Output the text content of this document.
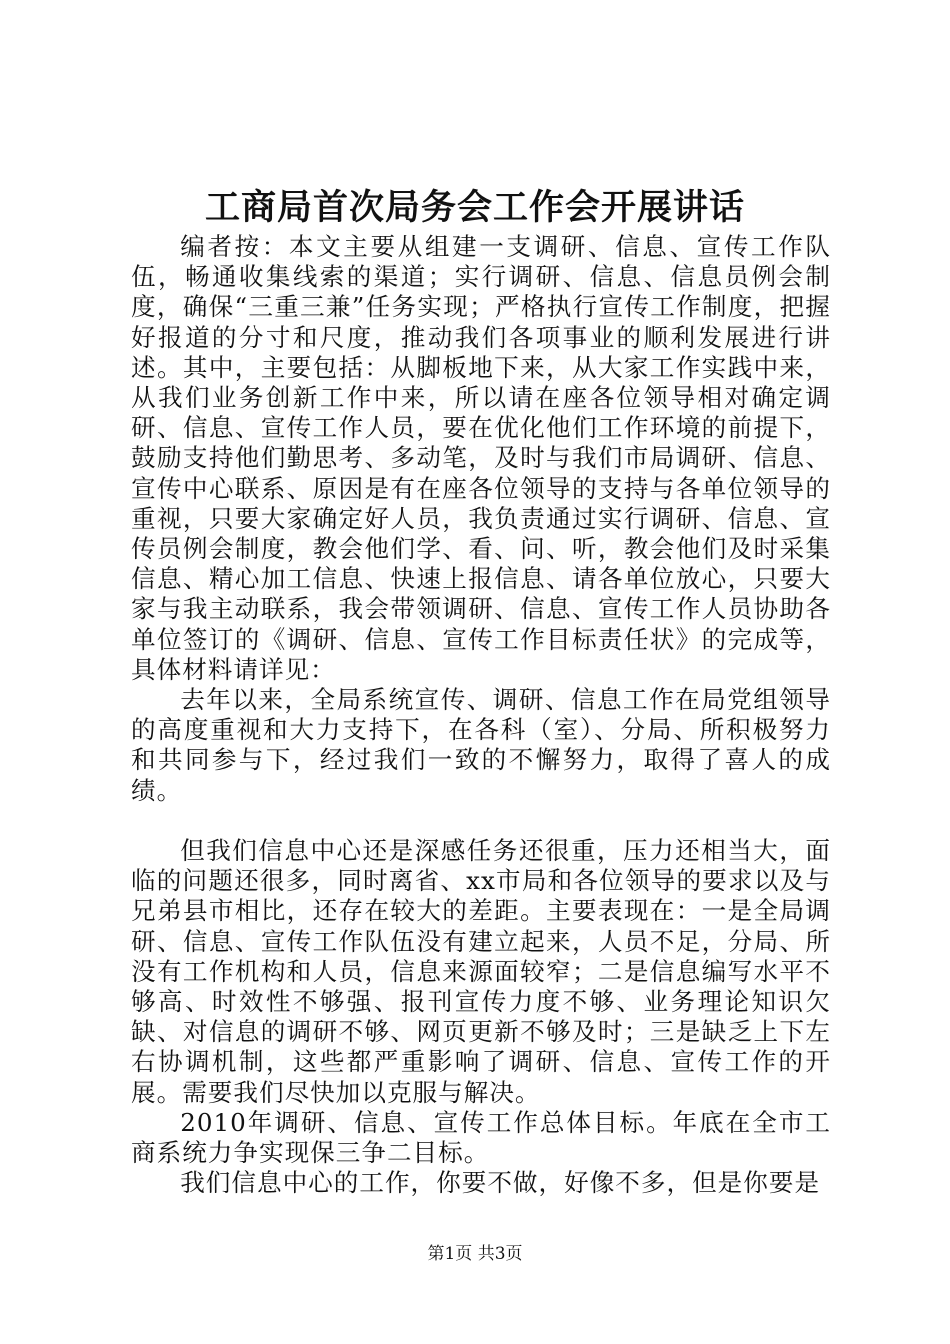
工商局首次局务会工作会开展讲话

编者按：本文主要从组建一支调研、信息、宣传工作队伍，畅通收集线索的渠道；实行调研、信息、信息员例会制度，确保“三重三兼”任务实现；严格执行宣传工作制度，把握好报道的分寸和尺度，推动我们各项事业的顺利发展进行讲述。其中，主要包括：从脚板地下来，从大家工作实践中来，从我们业务创新工作中来，所以请在座各位领导相对确定调研、信息、宣传工作人员，要在优化他们工作环境的前提下，鼓励支持他们勤思考、多动笔，及时与我们市局调研、信息、宣传中心联系、原因是有在座各位领导的支持与各单位领导的重视，只要大家确定好人员，我负责通过实行调研、信息、宣传员例会制度，教会他们学、看、问、听，教会他们及时采集信息、精心加工信息、快速上报信息、请各单位放心，只要大家与我主动联系，我会带领调研、信息、宣传工作人员协助各单位签订的《调研、信息、宣传工作目标责任状》的完成等，具体材料请详见：

去年以来，全局系统宣传、调研、信息工作在局党组领导的高度重视和大力支持下，在各科（室）、分局、所积极努力和共同参与下，经过我们一致的不懈努力，取得了喜人的成绩。

但我们信息中心还是深感任务还很重，压力还相当大，面临的问题还很多，同时离省、xx市局和各位领导的要求以及与兄弟县市相比，还存在较大的差距。主要表现在：一是全局调研、信息、宣传工作队伍没有建立起来，人员不足，分局、所没有工作机构和人员，信息来源面较窄；二是信息编写水平不够高、时效性不够强、报刊宣传力度不够、业务理论知识欠缺、对信息的调研不够、网页更新不够及时；三是缺乏上下左右协调机制，这些都严重影响了调研、信息、宣传工作的开展。需要我们尽快加以克服与解决。

2010年调研、信息、宣传工作总体目标。年底在全市工商系统力争实现保三争二目标。

我们信息中心的工作，你要不做，好像不多，但是你要是

第1页 共3页
